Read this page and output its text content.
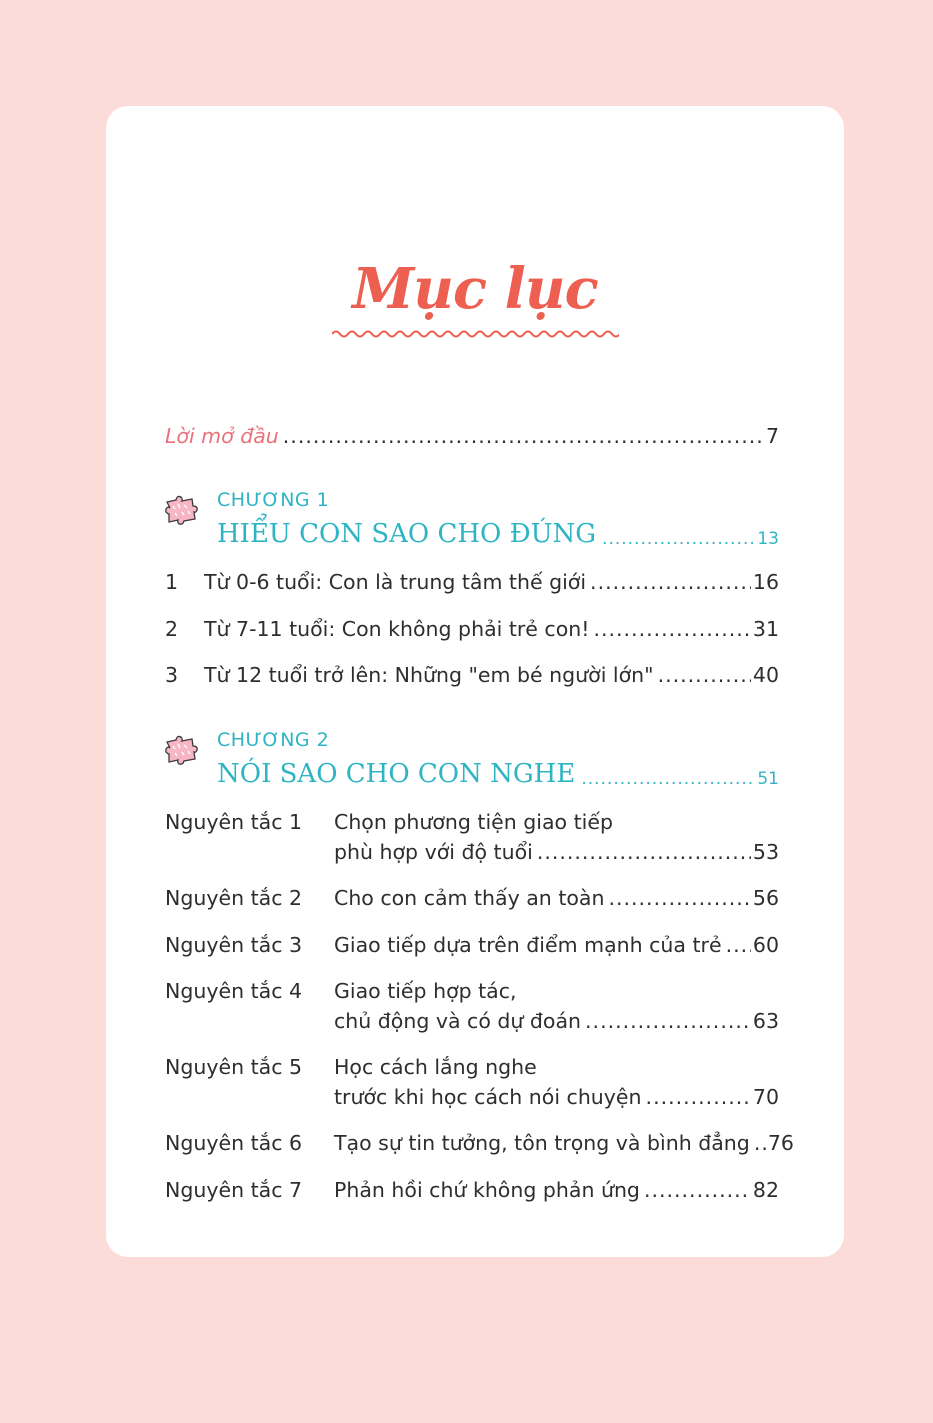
Mục lục
Lời mở đầu .....	7
CHƯƠNG 1
HIỂU CON SAO CHO ĐÚNG .....	13
1 Từ 0-6 tuổi: Con là trung tâm thế giới .....	16
2 Từ 7-11 tuổi: Con không phải trẻ con! .....	31
3 Từ 12 tuổi trở lên: Những "em bé người lớn" .....	40
CHƯƠNG 2
NÓI SAO CHO CON NGHE .....	51
Nguyên tắc 1 Chọn phương tiện giao tiếp
phù hợp với độ tuổi .....	53
Nguyên tắc 2 Cho con cảm thấy an toàn .....	56
Nguyên tắc 3 Giao tiếp dựa trên điểm mạnh của trẻ ..... 60
Nguyên tắc 4 Giao tiếp hợp tác,
chủ động và có dự đoán .....	63
Nguyên tắc 5 Học cách lắng nghe
trước khi học cách nói chuyện .....	70
Nguyên tắc 6 Tạo sự tin tưởng, tôn trọng và bình đẳng ..... 76
Nguyên tắc 7 Phản hồi chứ không phản ứng .....	82
